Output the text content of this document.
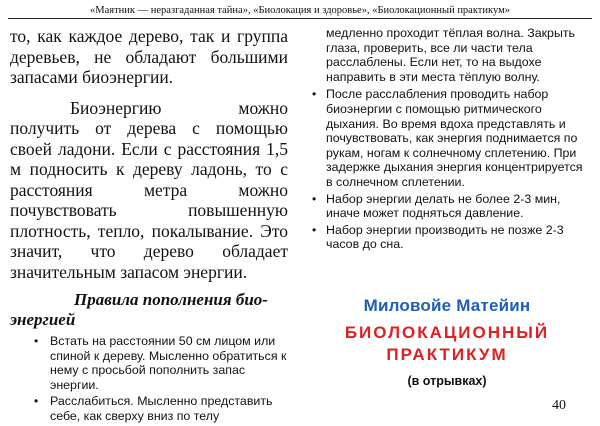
«Маятник — неразгаданная тайна», «Биолокация и здоровье», «Биолокационный практикум»

то, как каждое дерево, так и группа деревьев, не обладают большими запасами биоэнергии.

Биоэнергию можно получить от дерева с помощью своей ладони. Если с расстояния 1,5 м подносить к дереву ладонь, то с расстояния метра можно почувствовать повышенную плотность, тепло, покалывание. Это значит, что дерево обладает значительным запасом энергии.

Правила пополнения био-
энергией
• Встать на расстоянии 50 см лицом или спиной к дереву. Мысленно обратиться к нему с просьбой пополнить запас энергии.
• Расслабиться. Мысленно представить себе, как сверху вниз по телу
медленно проходит тёплая волна. Закрыть глаза, проверить, все ли части тела расслаблены. Если нет, то на выдохе направить в эти места тёплую волну.
• После расслабления проводить набор биоэнергии с помощью ритмического дыхания. Во время вдоха представлять и почувствовать, как энергия поднимается по рукам, ногам к солнечному сплетению. При задержке дыхания энергия концентрируется в солнечном сплетении.
• Набор энергии делать не более 2-3 мин, иначе может подняться давление.
• Набор энергии производить не позже 2-3 часов до сна.
Миловойе Матейин
БИОЛОКАЦИОННЫЙ
ПРАКТИКУМ
(в отрывках)
40
